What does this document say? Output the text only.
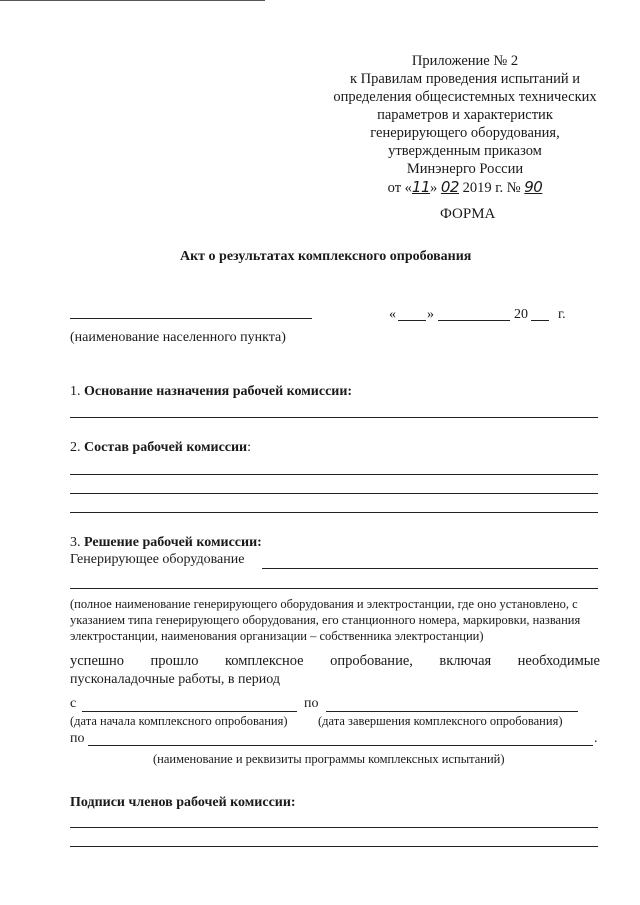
Приложение № 2
к Правилам проведения испытаний и
определения общесистемных технических
параметров и характеристик
генерирующего оборудования,
утвержденным приказом
Минэнерго России
от «11» 02 2019 г. № 90
ФОРМА
Акт о результатах комплексного опробования
(наименование населенного пункта)
« »	20 г.
1. Основание назначения рабочей комиссии:
2. Состав рабочей комиссии:
3. Решение рабочей комиссии:
Генерирующее оборудование
(полное наименование генерирующего оборудования и электростанции, где оно установлено, с
указанием типа генерирующего оборудования, его станционного номера, маркировки, названия
электростанции, наименования организации – собственника электростанции)
успешно прошло комплексное опробование, включая необходимые
пусконаладочные работы, в период
с	по
(дата начала комплексного опробования) (дата завершения комплексного опробования)
по	.
(наименование и реквизиты программы комплексных испытаний)
Подписи членов рабочей комиссии:
